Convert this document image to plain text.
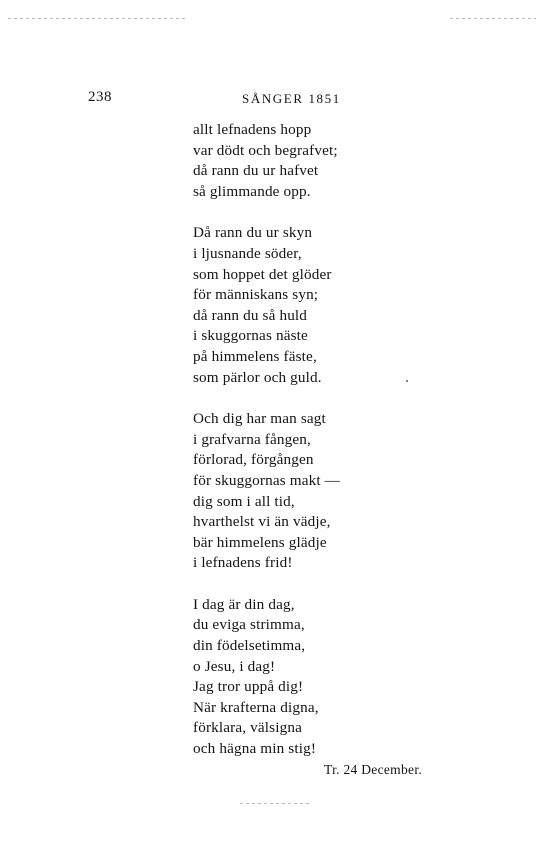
238	SÅNGER 1851
allt lefnadens hopp
var dödt och begrafvet;
då rann du ur hafvet
så glimmande opp.
Då rann du ur skyn
i ljusnande söder,
som hoppet det glöder
för människans syn;
då rann du så huld
i skuggornas näste
på himmelens fäste,
som pärlor och guld.
Och dig har man sagt
i grafvarna fången,
förlorad, förgången
för skuggornas makt —
dig som i all tid,
hvarthelst vi än vädje,
bär himmelens glädje
i lefnadens frid!
I dag är din dag,
du eviga strimma,
din födelsetimma,
o Jesu, i dag!
Jag tror uppå dig!
När krafterna digna,
förklara, välsigna
och hägna min stig!
Tr. 24 December.
